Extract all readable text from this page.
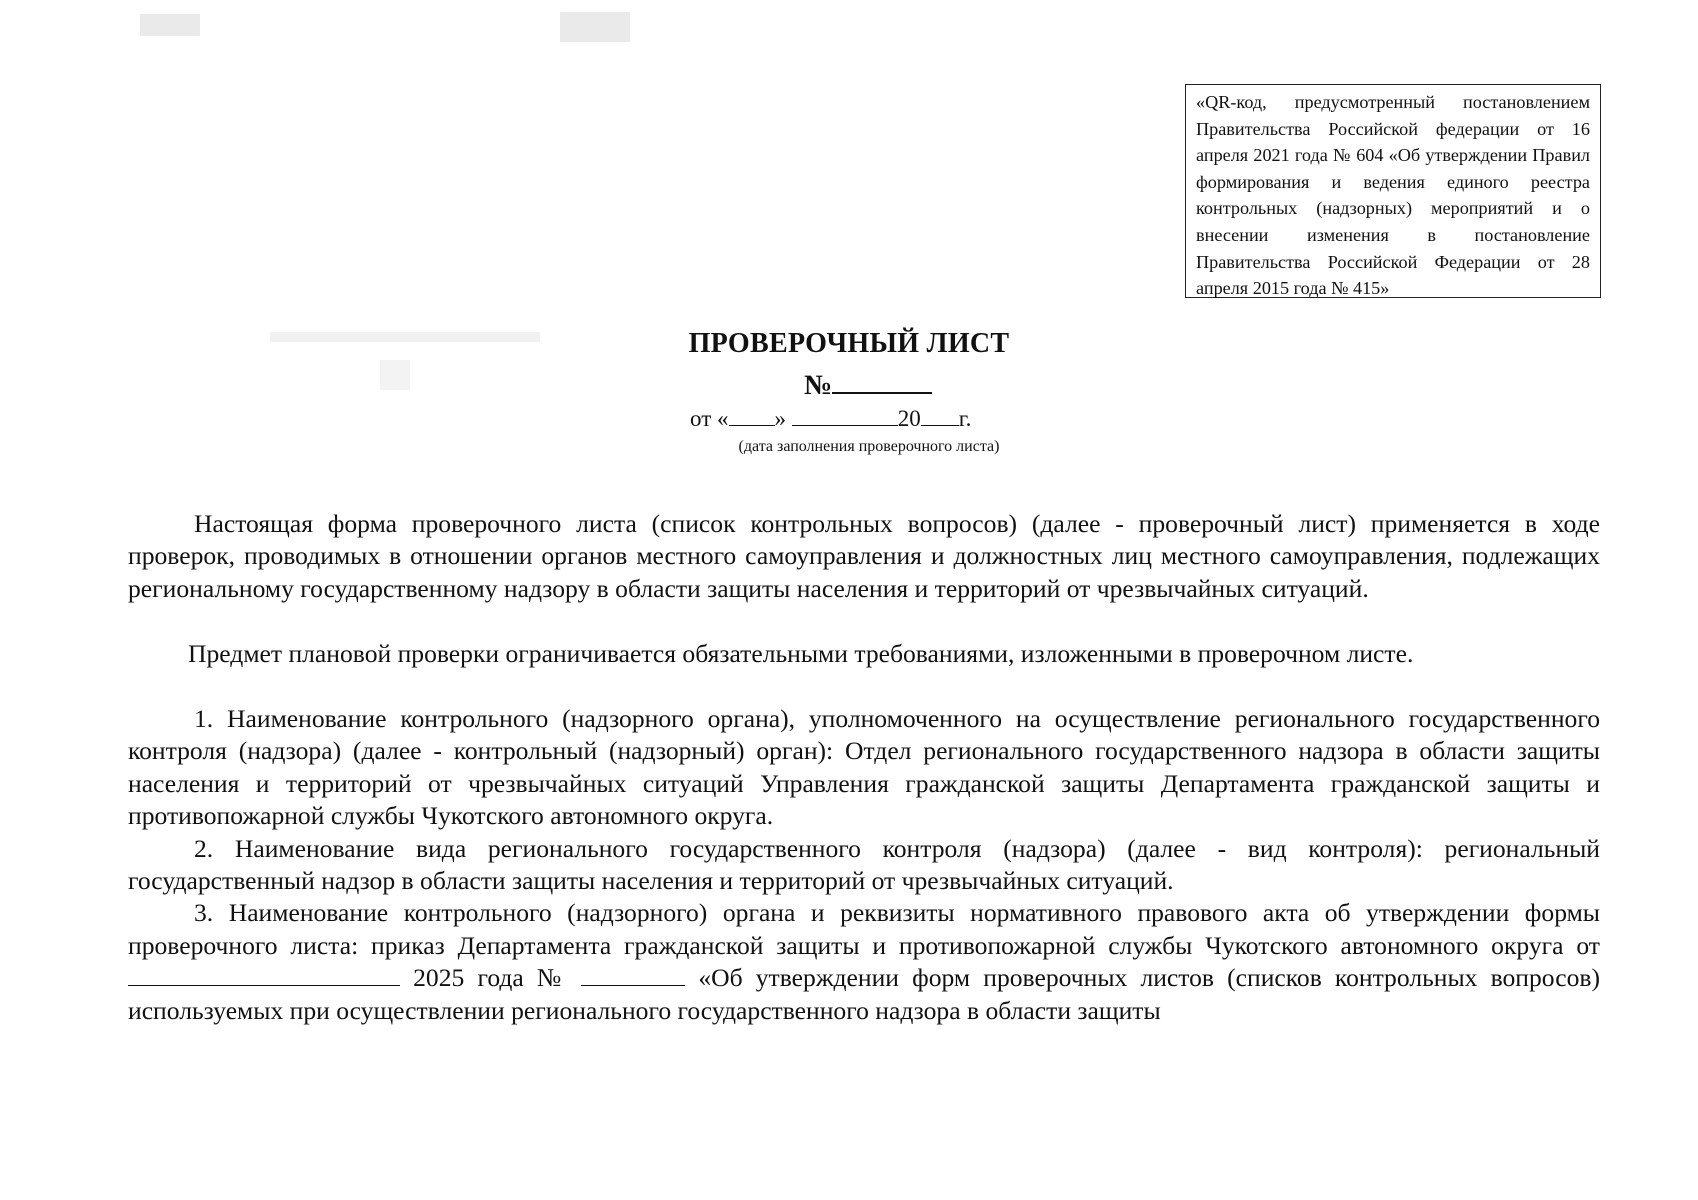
«QR-код, предусмотренный постановлением Правительства Российской федерации от 16 апреля 2021 года № 604 «Об утверждении Правил формирования и ведения единого реестра контрольных (надзорных) мероприятий и о внесении изменения в постановление Правительства Российской Федерации от 28 апреля 2015 года № 415»
ПРОВЕРОЧНЫЙ ЛИСТ
№
от « »	20 г.
(дата заполнения проверочного листа)

Настоящая форма проверочного листа (список контрольных вопросов) (далее - проверочный лист) применяется в ходе проверок, проводимых в отношении органов местного самоуправления и должностных лиц местного самоуправления, подлежащих региональному государственному надзору в области защиты населения и территорий от чрезвычайных ситуаций.

Предмет плановой проверки ограничивается обязательными требованиями, изложенными в проверочном листе.

1. Наименование контрольного (надзорного органа), уполномоченного на осуществление регионального государственного контроля (надзора) (далее - контрольный (надзорный) орган): Отдел регионального государственного надзора в области защиты населения и территорий от чрезвычайных ситуаций Управления гражданской защиты Департамента гражданской защиты и противопожарной службы Чукотского автономного округа.

2. Наименование вида регионального государственного контроля (надзора) (далее - вид контроля): региональный государственный надзор в области защиты населения и территорий от чрезвычайных ситуаций.

3. Наименование контрольного (надзорного) органа и реквизиты нормативного правового акта об утверждении формы проверочного листа: приказ Департамента гражданской защиты и противопожарной службы Чукотского автономного округа от  2025 года №	«Об утверждении форм проверочных листов (списков контрольных вопросов) используемых при осуществлении регионального государственного надзора в области защиты
